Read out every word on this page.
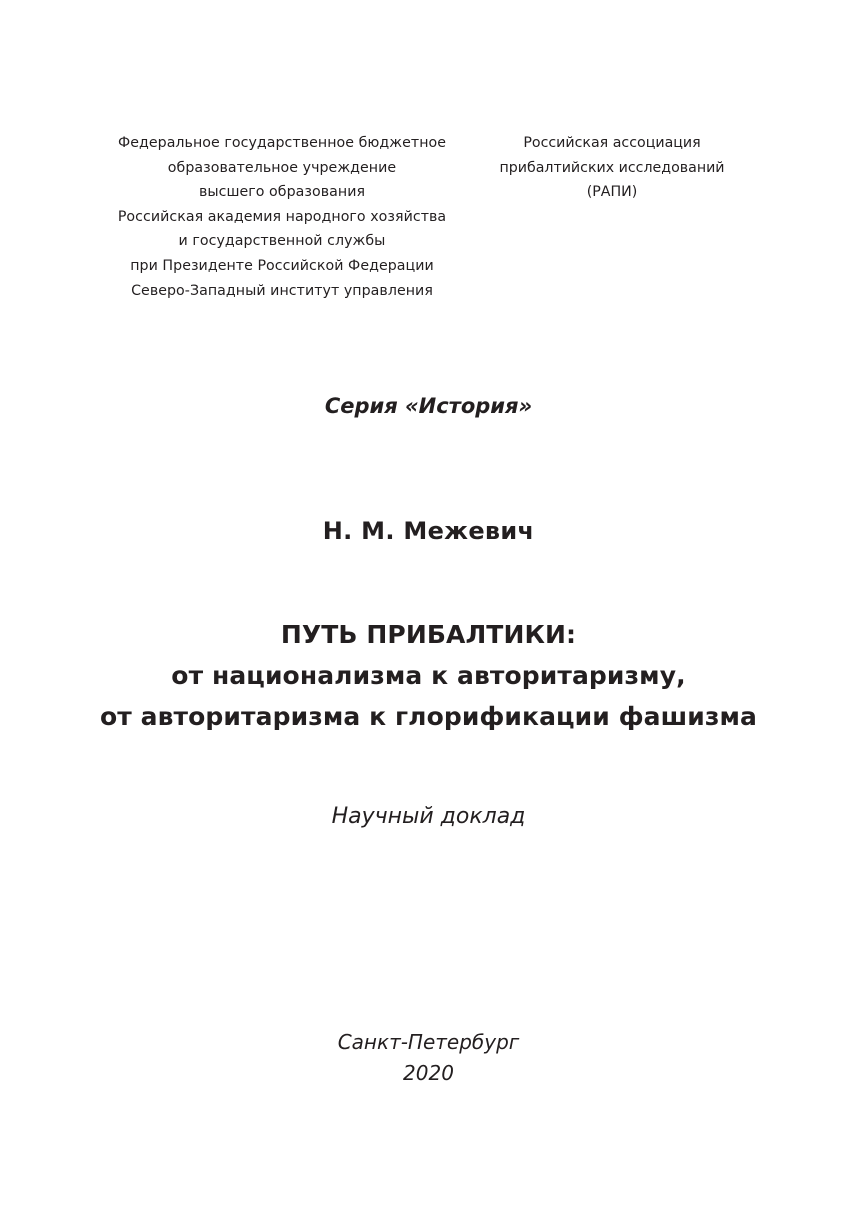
Федеральное государственное бюджетное
образовательное учреждение
высшего образования
Российская академия народного хозяйства
и государственной службы
при Президенте Российской Федерации
Северо-Западный институт управления
Российская ассоциация
прибалтийских исследований
(РАПИ)
Серия «История»
Н. М. Межевич
ПУТЬ ПРИБАЛТИКИ:
от национализма к авторитаризму,
от авторитаризма к глорификации фашизма
Научный доклад
Санкт-Петербург
2020
